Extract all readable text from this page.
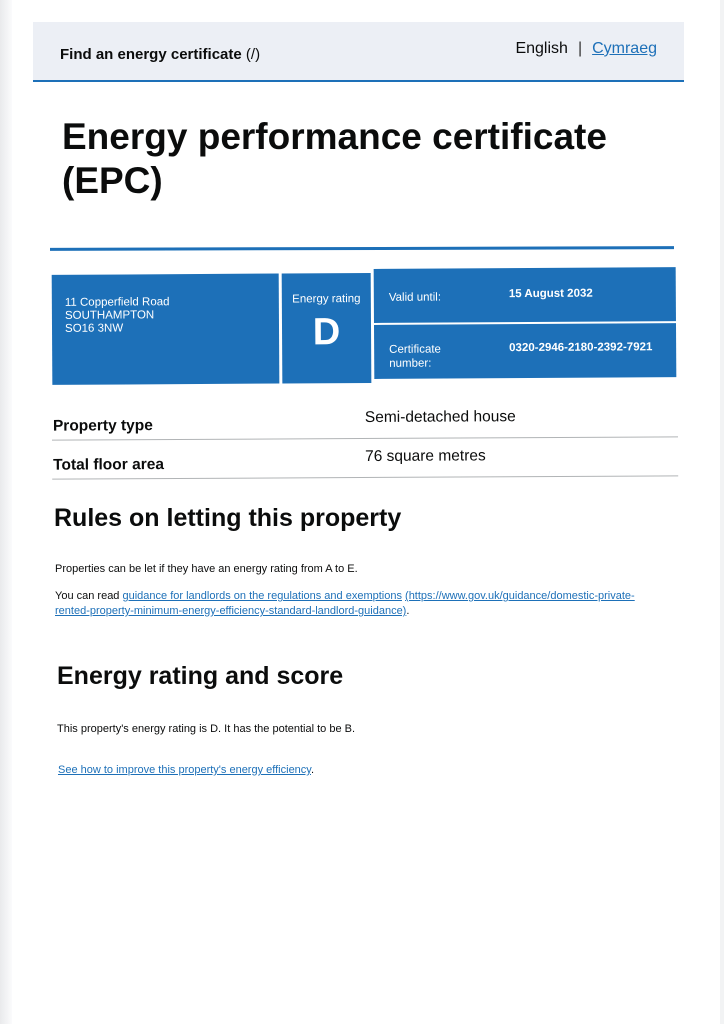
Find an energy certificate (/)	English | Cymraeg
Energy performance certificate
(EPC)
11 Copperfield Road
SOUTHAMPTON
SO16 3NW
Energy rating
D
Valid until:	15 August 2032
Certificate number:
0320-2946-2180-2392-7921
Property type	Semi-detached house
Total floor area	76 square metres
Rules on letting this property
Properties can be let if they have an energy rating from A to E.
You can read guidance for landlords on the regulations and exemptions (https://www.gov.uk/guidance/domestic-private- rented-property-minimum-energy-efficiency-standard-landlord-guidance).
Energy rating and score
This property's energy rating is D. It has the potential to be B.
See how to improve this property's energy efficiency.
